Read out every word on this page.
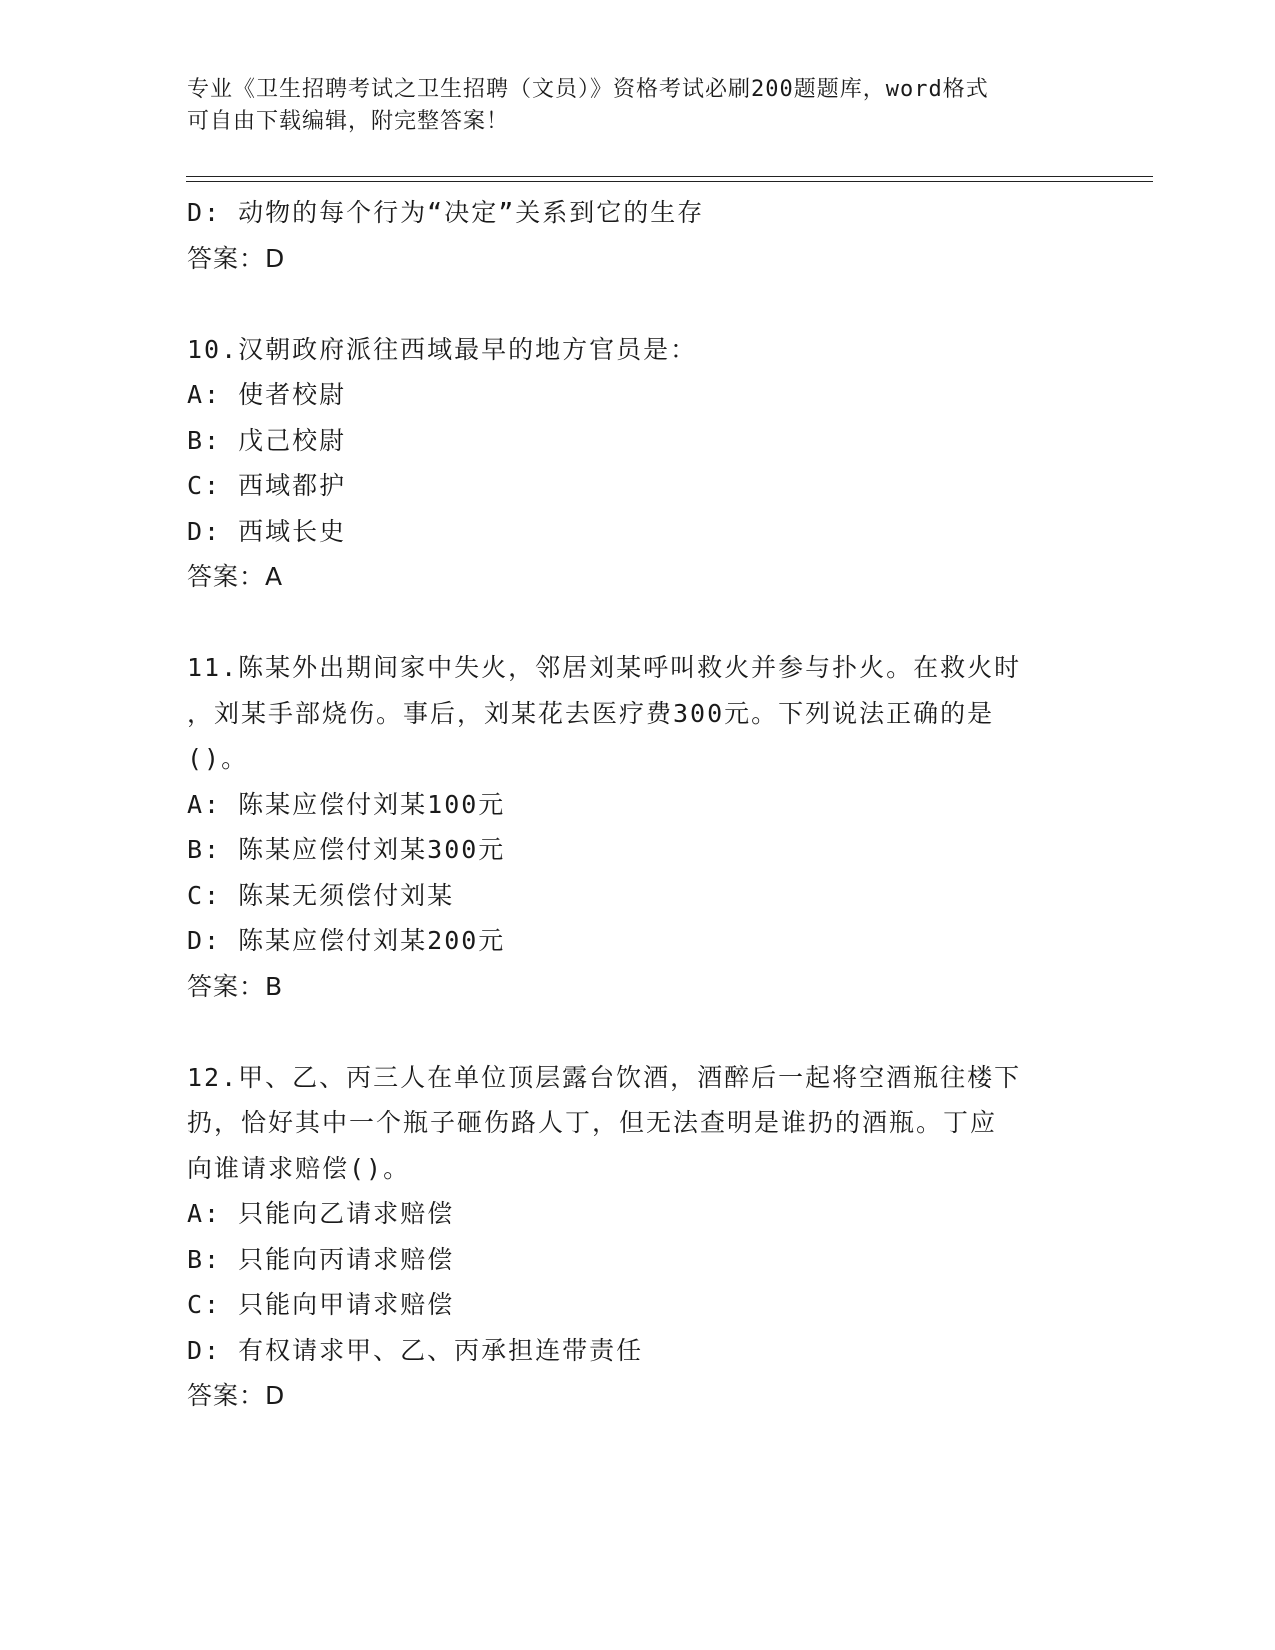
专业《卫生招聘考试之卫生招聘（文员）》资格考试必刷200题题库，word格式
可自由下载编辑，附完整答案！
D: 动物的每个行为“决定”关系到它的生存
答案：D
10.汉朝政府派往西域最早的地方官员是：
A: 使者校尉
B: 戊己校尉
C: 西域都护
D: 西域长史
答案：A
11.陈某外出期间家中失火，邻居刘某呼叫救火并参与扑火。在救火时
，刘某手部烧伤。事后，刘某花去医疗费300元。下列说法正确的是
()。
A: 陈某应偿付刘某100元
B: 陈某应偿付刘某300元
C: 陈某无须偿付刘某
D: 陈某应偿付刘某200元
答案：B
12.甲、乙、丙三人在单位顶层露台饮酒，酒醉后一起将空酒瓶往楼下
扔，恰好其中一个瓶子砸伤路人丁，但无法查明是谁扔的酒瓶。丁应
向谁请求赔偿()。
A: 只能向乙请求赔偿
B: 只能向丙请求赔偿
C: 只能向甲请求赔偿
D: 有权请求甲、乙、丙承担连带责任
答案：D
